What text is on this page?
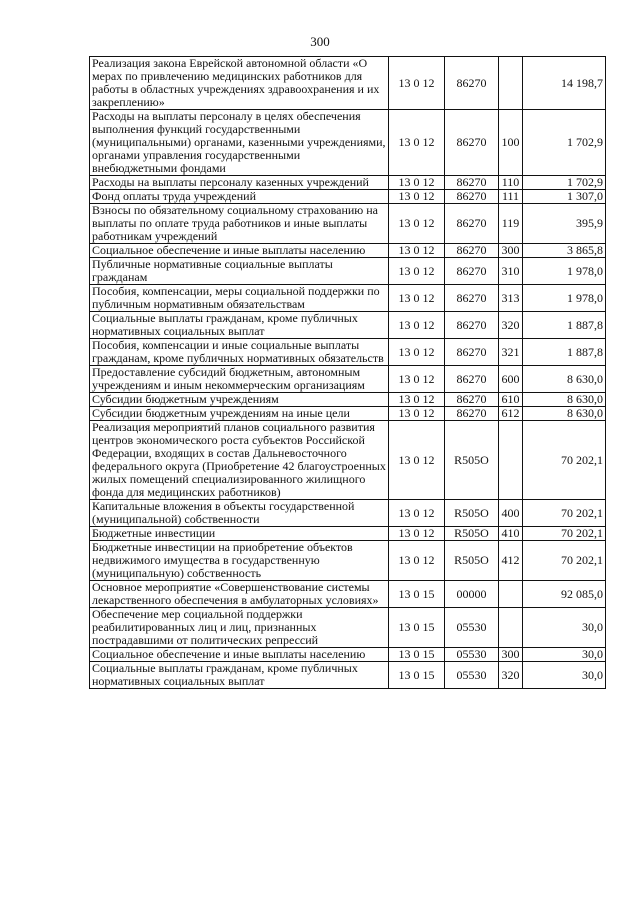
300
Реализация закона Еврейской автономной области «О мерах по привлечению медицинских работников для работы в областных учреждениях здравоохранения и их закреплению»	13 0 12	86270		14 198,7
Расходы на выплаты персоналу в целях обеспечения выполнения функций государственными (муниципальными) органами, казенными учреждениями, органами управления государственными внебюджетными фондами	13 0 12	86270	100	1 702,9
Расходы на выплаты персоналу казенных учреждений	13 0 12	86270	110	1 702,9
Фонд оплаты труда учреждений	13 0 12	86270	111	1 307,0
Взносы по обязательному социальному страхованию на выплаты по оплате труда работников и иные выплаты работникам учреждений	13 0 12	86270	119	395,9
Социальное обеспечение и иные выплаты населению	13 0 12	86270	300	3 865,8
Публичные нормативные социальные выплаты гражданам	13 0 12	86270	310	1 978,0
Пособия, компенсации, меры социальной поддержки по публичным нормативным обязательствам	13 0 12	86270	313	1 978,0
Социальные выплаты гражданам, кроме публичных нормативных социальных выплат	13 0 12	86270	320	1 887,8
Пособия, компенсации и иные социальные выплаты гражданам, кроме публичных нормативных обязательств	13 0 12	86270	321	1 887,8
Предоставление субсидий бюджетным, автономным учреждениям и иным некоммерческим организациям	13 0 12	86270	600	8 630,0
Субсидии бюджетным учреждениям	13 0 12	86270	610	8 630,0
Субсидии бюджетным учреждениям на иные цели	13 0 12	86270	612	8 630,0
Реализация мероприятий планов социального развития центров экономического роста субъектов Российской Федерации, входящих в состав Дальневосточного федерального округа (Приобретение 42 благоустроенных жилых помещений специализированного жилищного фонда для медицинских работников)	13 0 12	R505O		70 202,1
Капитальные вложения в объекты государственной (муниципальной) собственности	13 0 12	R505O	400	70 202,1
Бюджетные инвестиции	13 0 12	R505O	410	70 202,1
Бюджетные инвестиции на приобретение объектов недвижимого имущества в государственную (муниципальную) собственность	13 0 12	R505O	412	70 202,1
Основное мероприятие «Совершенствование системы лекарственного обеспечения в амбулаторных условиях»	13 0 15	00000		92 085,0
Обеспечение мер социальной поддержки реабилитированных лиц и лиц, признанных пострадавшими от политических репрессий	13 0 15	05530		30,0
Социальное обеспечение и иные выплаты населению	13 0 15	05530	300	30,0
Социальные выплаты гражданам, кроме публичных нормативных социальных выплат	13 0 15	05530	320	30,0
